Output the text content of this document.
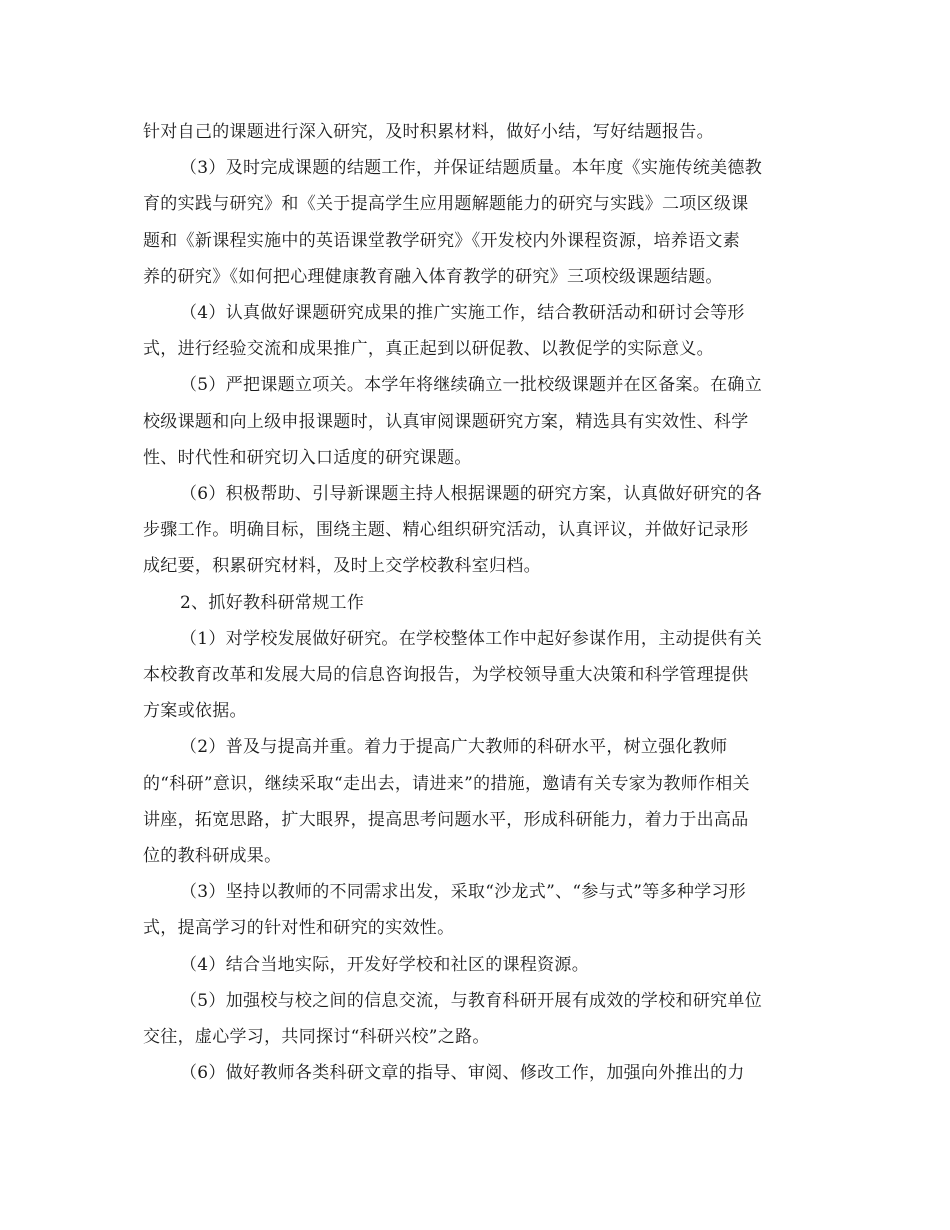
针对自己的课题进行深入研究，及时积累材料，做好小结，写好结题报告。

（3）及时完成课题的结题工作，并保证结题质量。本年度《实施传统美德教
育的实践与研究》和《关于提高学生应用题解题能力的研究与实践》二项区级课
题和《新课程实施中的英语课堂教学研究》《开发校内外课程资源，培养语文素
养的研究》《如何把心理健康教育融入体育教学的研究》三项校级课题结题。

（4）认真做好课题研究成果的推广实施工作，结合教研活动和研讨会等形
式，进行经验交流和成果推广，真正起到以研促教、以教促学的实际意义。

（5）严把课题立项关。本学年将继续确立一批校级课题并在区备案。在确立
校级课题和向上级申报课题时，认真审阅课题研究方案，精选具有实效性、科学
性、时代性和研究切入口适度的研究课题。

（6）积极帮助、引导新课题主持人根据课题的研究方案，认真做好研究的各
步骤工作。明确目标，围绕主题、精心组织研究活动，认真评议，并做好记录形
成纪要，积累研究材料，及时上交学校教科室归档。

2、抓好教科研常规工作

（1）对学校发展做好研究。在学校整体工作中起好参谋作用，主动提供有关
本校教育改革和发展大局的信息咨询报告，为学校领导重大决策和科学管理提供
方案或依据。

（2）普及与提高并重。着力于提高广大教师的科研水平，树立强化教师
的“科研”意识，继续采取“走出去，请进来”的措施，邀请有关专家为教师作相关
讲座，拓宽思路，扩大眼界，提高思考问题水平，形成科研能力，着力于出高品
位的教科研成果。

（3）坚持以教师的不同需求出发，采取“沙龙式”、“参与式”等多种学习形
式，提高学习的针对性和研究的实效性。

（4）结合当地实际，开发好学校和社区的课程资源。

（5）加强校与校之间的信息交流，与教育科研开展有成效的学校和研究单位
交往，虚心学习，共同探讨“科研兴校”之路。

（6）做好教师各类科研文章的指导、审阅、修改工作，加强向外推出的力
